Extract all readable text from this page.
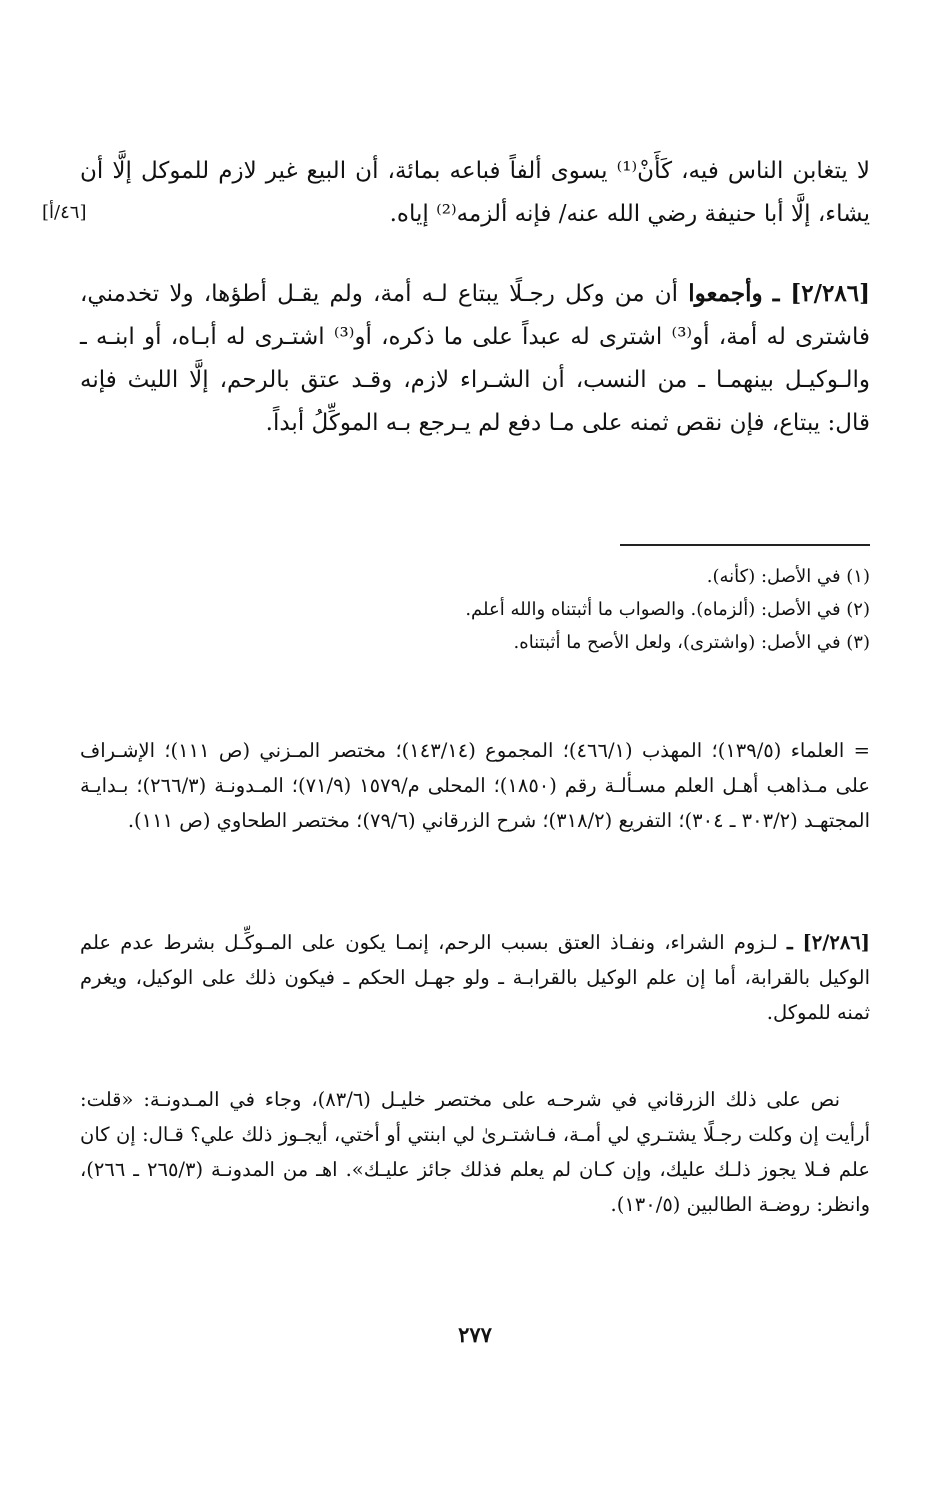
لا يتغابن الناس فيه، كَأَنْ⁽¹⁾ يسوى ألفاً فباعه بمائة، أن البيع غير لازم للموكل إلَّا أن يشاء، إلَّا أبا حنيفة رضي الله عنه/ فإنه ألزمه⁽²⁾ إياه.
[٤٦/أ]
[٢/٢٨٦] ـ وأجمعوا أن من وكل رجـلًا يبتاع لـه أمة، ولم يقـل أطؤها، ولا تخدمني، فاشترى له أمة، أو⁽³⁾ اشترى له عبداً على ما ذكره، أو⁽³⁾ اشتـرى له أبـاه، أو ابنـه ـ والـوكيـل بينهمـا ـ من النسب، أن الشـراء لازم، وقـد عتق بالرحم، إلَّا الليث فإنه قال: يبتاع، فإن نقص ثمنه على مـا دفع لم يـرجع بـه الموكِّلُ أبداً.
(١) في الأصل: (كأنه).
(٢) في الأصل: (ألزماه). والصواب ما أثبتناه والله أعلم.
(٣) في الأصل: (واشترى)، ولعل الأصح ما أثبتناه.
= العلماء (١٣٩/٥)؛ المهذب (٤٦٦/١)؛ المجموع (١٤٣/١٤)؛ مختصر المـزني (ص ١١١)؛ الإشـراف على مـذاهب أهـل العلم مسـألـة رقم (١٨٥٠)؛ المحلى م/١٥٧٩ (٧١/٩)؛ المـدونـة (٢٦٦/٣)؛ بـدايـة المجتهـد (٣٠٣/٢ ـ ٣٠٤)؛ التفريع (٣١٨/٢)؛ شرح الزرقاني (٧٩/٦)؛ مختصر الطحاوي (ص ١١١).
[٢/٢٨٦] ـ لـزوم الشراء، ونفـاذ العتق بسبب الرحم، إنمـا يكون على المـوكِّـل بشرط عدم علم الوكيل بالقرابة، أما إن علم الوكيل بالقرابـة ـ ولو جهـل الحكم ـ فيكون ذلك على الوكيل، ويغرم ثمنه للموكل.
نص على ذلك الزرقاني في شرحـه على مختصر خليـل (٨٣/٦)، وجاء في المـدونـة: «قلت: أرأيت إن وكلت رجـلًا يشتـري لي أمـة، فـاشتـرىٰ لي ابنتي أو أختي، أيجـوز ذلك علي؟ قـال: إن كان علم فـلا يجوز ذلـك عليك، وإن كـان لم يعلم فذلك جائز عليـك». اهـ من المدونـة (٢٦٥/٣ ـ ٢٦٦)، وانظر: روضـة الطالبين (١٣٠/٥).
٢٧٧
